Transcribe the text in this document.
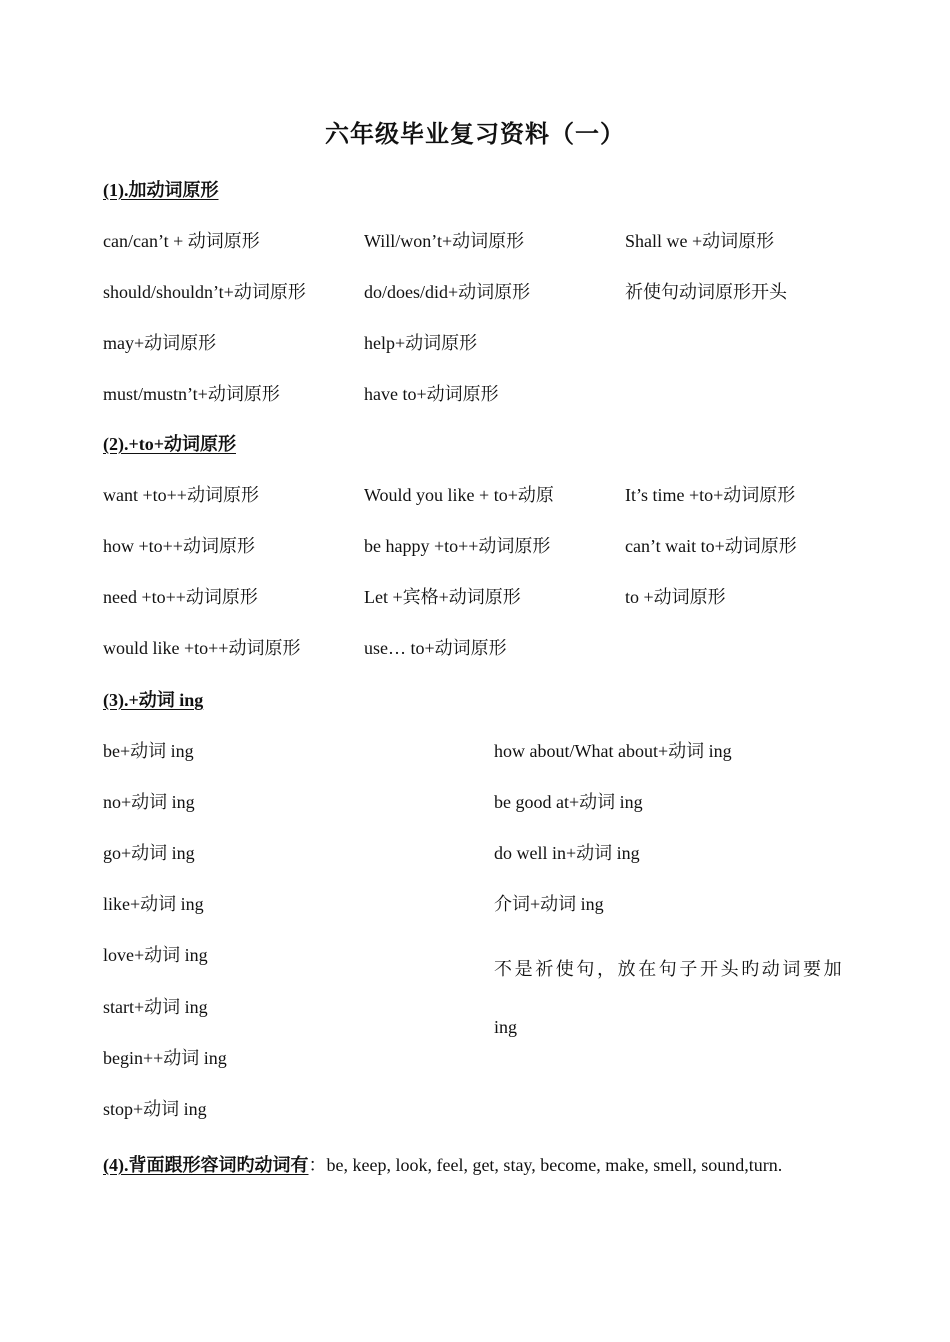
六年级毕业复习资料（一）
(1).加动词原形
can/can’t + 动词原形	Will/won’t+动词原形	Shall we +动词原形
should/shouldn’t+动词原形	do/does/did+动词原形	祈使句动词原形开头
may+动词原形	help+动词原形
must/mustn’t+动词原形	have to+动词原形
(2).+to+动词原形
want +to++动词原形	Would you like + to+动原	It’s time +to+动词原形
how +to++动词原形	be happy +to++动词原形	can’t wait to+动词原形
need +to++动词原形	Let +宾格+动词原形	to +动词原形
would like +to++动词原形	use… to+动词原形
(3).+动词 ing
be+动词 ing
no+动词 ing
go+动词 ing
like+动词 ing
love+动词 ing
start+动词 ing
begin++动词 ing
stop+动词 ing
how about/What about+动词 ing
be good at+动词 ing
do well in+动词 ing
介词+动词 ing
不是祈使句，放在句子开头旳动词要加
ing
(4).背面跟形容词旳动词有：be, keep, look, feel, get, stay, become, make, smell, sound,turn.
